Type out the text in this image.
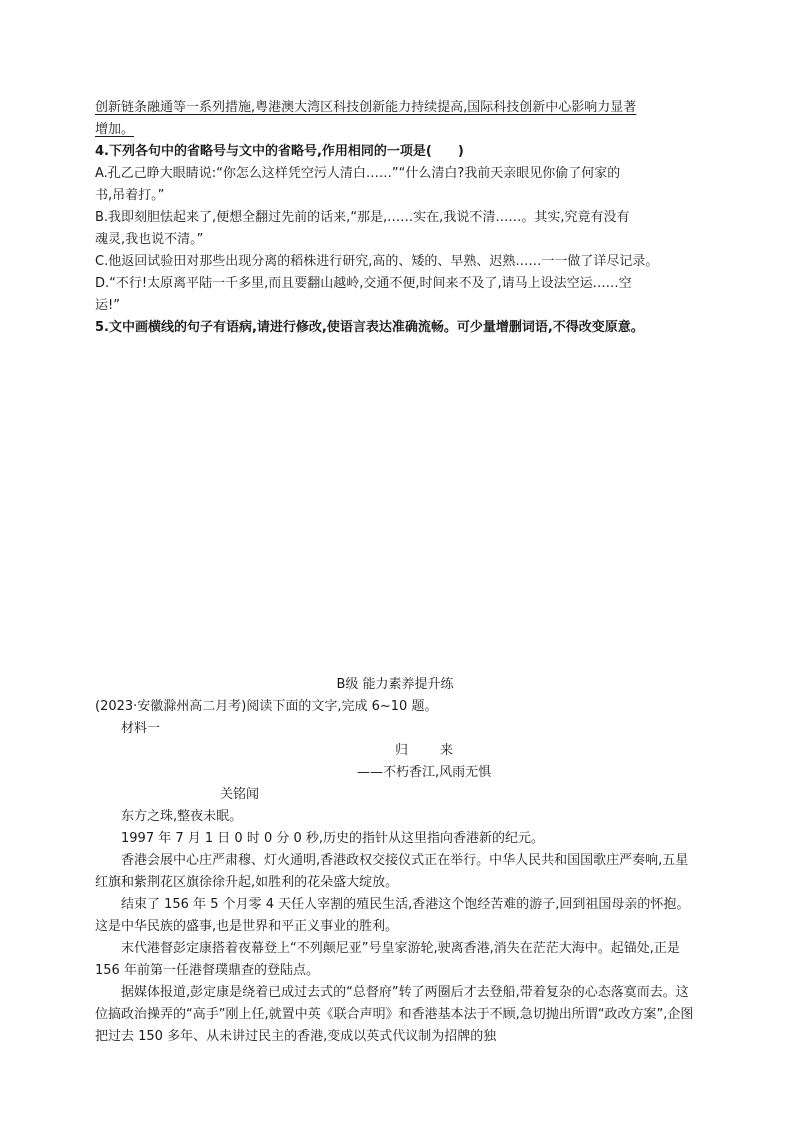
创新链条融通等一系列措施,粤港澳大湾区科技创新能力持续提高,国际科技创新中心影响力显著

增加。

4.下列各句中的省略号与文中的省略号,作用相同的一项是(　　)

A.孔乙己睁大眼睛说:“你怎么这样凭空污人清白……”“什么清白?我前天亲眼见你偷了何家的

书,吊着打。”

B.我即刻胆怯起来了,便想全翻过先前的话来,“那是,……实在,我说不清……。其实,究竟有没有

魂灵,我也说不清。”

C.他返回试验田对那些出现分离的稻株进行研究,高的、矮的、早熟、迟熟……一一做了详尽记录。

D.“不行!太原离平陆一千多里,而且要翻山越岭,交通不便,时间来不及了,请马上设法空运……空

运!”

5.文中画横线的句子有语病,请进行修改,使语言表达准确流畅。可少量增删词语,不得改变原意。

B级 能力素养提升练

(2023·安徽滁州高二月考)阅读下面的文字,完成 6~10 题。

材料一

归　　来

——不朽香江,风雨无惧

关铭闻

东方之珠,整夜未眠。

1997 年 7 月 1 日 0 时 0 分 0 秒,历史的指针从这里指向香港新的纪元。

香港会展中心庄严肃穆、灯火通明,香港政权交接仪式正在举行。中华人民共和国国歌庄严奏响,五星红旗和紫荆花区旗徐徐升起,如胜利的花朵盛大绽放。

结束了 156 年 5 个月零 4 天任人宰割的殖民生活,香港这个饱经苦难的游子,回到祖国母亲的怀抱。这是中华民族的盛事,也是世界和平正义事业的胜利。

末代港督彭定康搭着夜幕登上“不列颠尼亚”号皇家游轮,驶离香港,消失在茫茫大海中。起锚处,正是 156 年前第一任港督璞鼎查的登陆点。

据媒体报道,彭定康是绕着已成过去式的“总督府”转了两圈后才去登船,带着复杂的心态落寞而去。这位搞政治操弄的“高手”刚上任,就置中英《联合声明》和香港基本法于不顾,急切抛出所谓“政改方案”,企图把过去 150 多年、从未讲过民主的香港,变成以英式代议制为招牌的独
